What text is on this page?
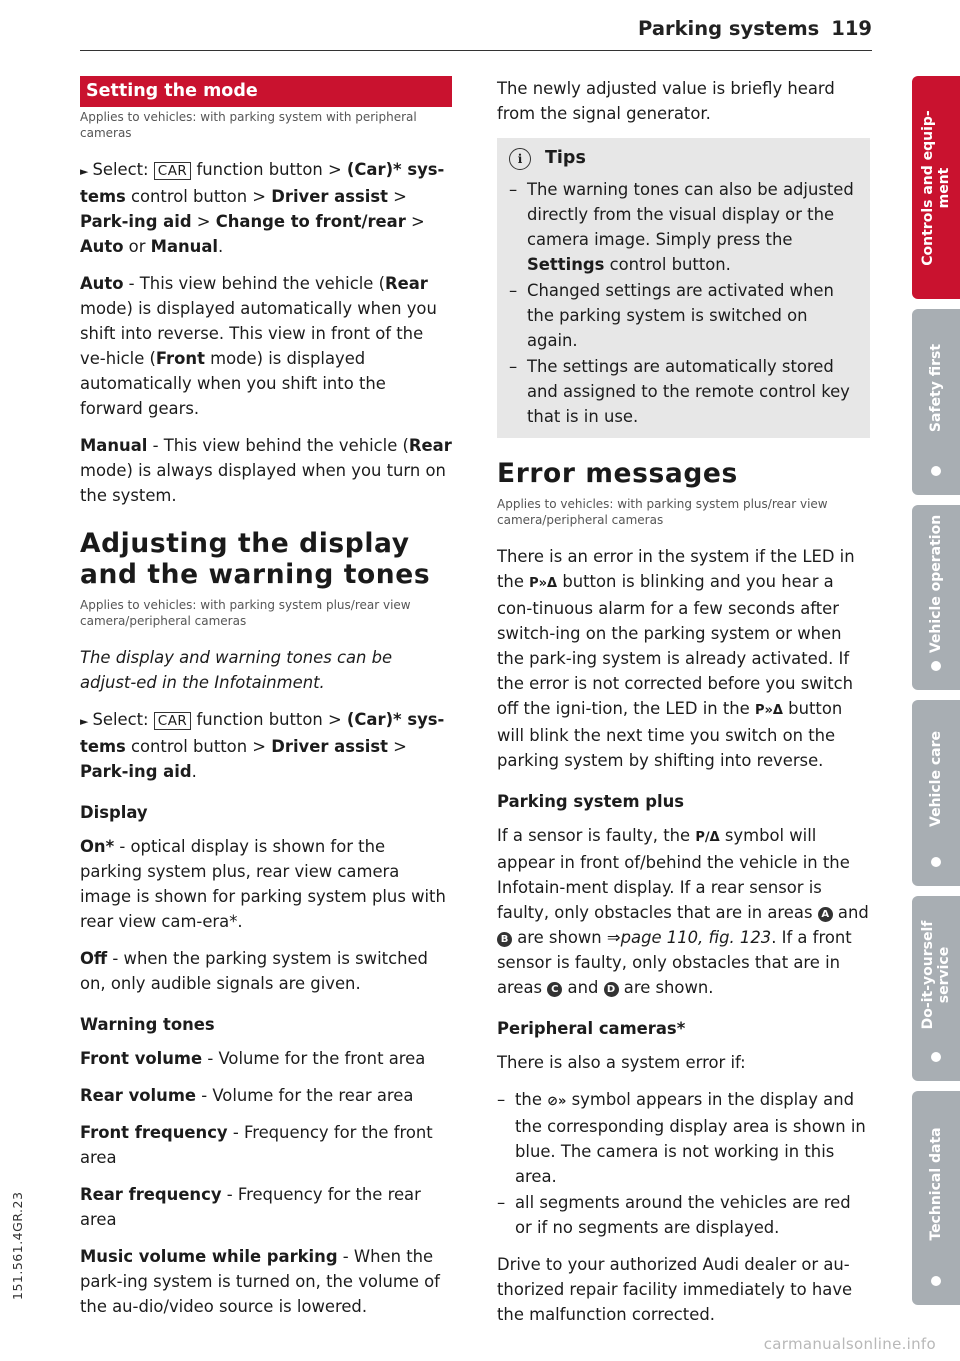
Parking systems 119
Setting the mode

Applies to vehicles: with parking system with peripheral cameras

► Select: CAR function button > (Car)* sys-tems control button > Driver assist > Park-ing aid > Change to front/rear > Auto or Manual.

Auto - This view behind the vehicle (Rear mode) is displayed automatically when you shift into reverse. This view in front of the ve-hicle (Front mode) is displayed automatically when you shift into the forward gears.

Manual - This view behind the vehicle (Rear mode) is always displayed when you turn on the system.

Adjusting the display and the warning tones

Applies to vehicles: with parking system plus/rear view camera/peripheral cameras

The display and warning tones can be adjust-ed in the Infotainment.

► Select: CAR function button > (Car)* sys-tems control button > Driver assist > Park-ing aid.

Display

On* - optical display is shown for the parking system plus, rear view camera image is shown for parking system plus with rear view cam-era*.

Off - when the parking system is switched on, only audible signals are given.

Warning tones

Front volume - Volume for the front area

Rear volume - Volume for the rear area

Front frequency - Frequency for the front area

Rear frequency - Frequency for the rear area

Music volume while parking - When the park-ing system is turned on, the volume of the au-dio/video source is lowered.

The newly adjusted value is briefly heard from the signal generator.

i	Tips
– The warning tones can also be adjusted directly from the visual display or the camera image. Simply press the Settings control button.
– Changed settings are activated when the parking system is switched on again.
– The settings are automatically stored and assigned to the remote control key that is in use.
Error messages

Applies to vehicles: with parking system plus/rear view camera/peripheral cameras

There is an error in the system if the LED in the P»Δ button is blinking and you hear a con-tinuous alarm for a few seconds after switch-ing on the parking system or when the park-ing system is already activated. If the error is not corrected before you switch off the igni-tion, the LED in the P»Δ button will blink the next time you switch on the parking system by shifting into reverse.

Parking system plus

If a sensor is faulty, the P∕Δ symbol will appear in front of/behind the vehicle in the Infotain-ment display. If a rear sensor is faulty, only obstacles that are in areas A and B are shown ⇒page 110, fig. 123. If a front sensor is faulty, only obstacles that are in areas C and D are shown.

Peripheral cameras*

There is also a system error if:

– the ⊘» symbol appears in the display and the corresponding display area is shown in blue. The camera is not working in this area.
– all segments around the vehicles are red or if no segments are displayed.

Drive to your authorized Audi dealer or au-thorized repair facility immediately to have the malfunction corrected.

Controls and equip-
ment
Safety first
Vehicle operation
Vehicle care
Do-it-yourself
service
Technical data
151.561.4GR.23
carmanualsonline.info
